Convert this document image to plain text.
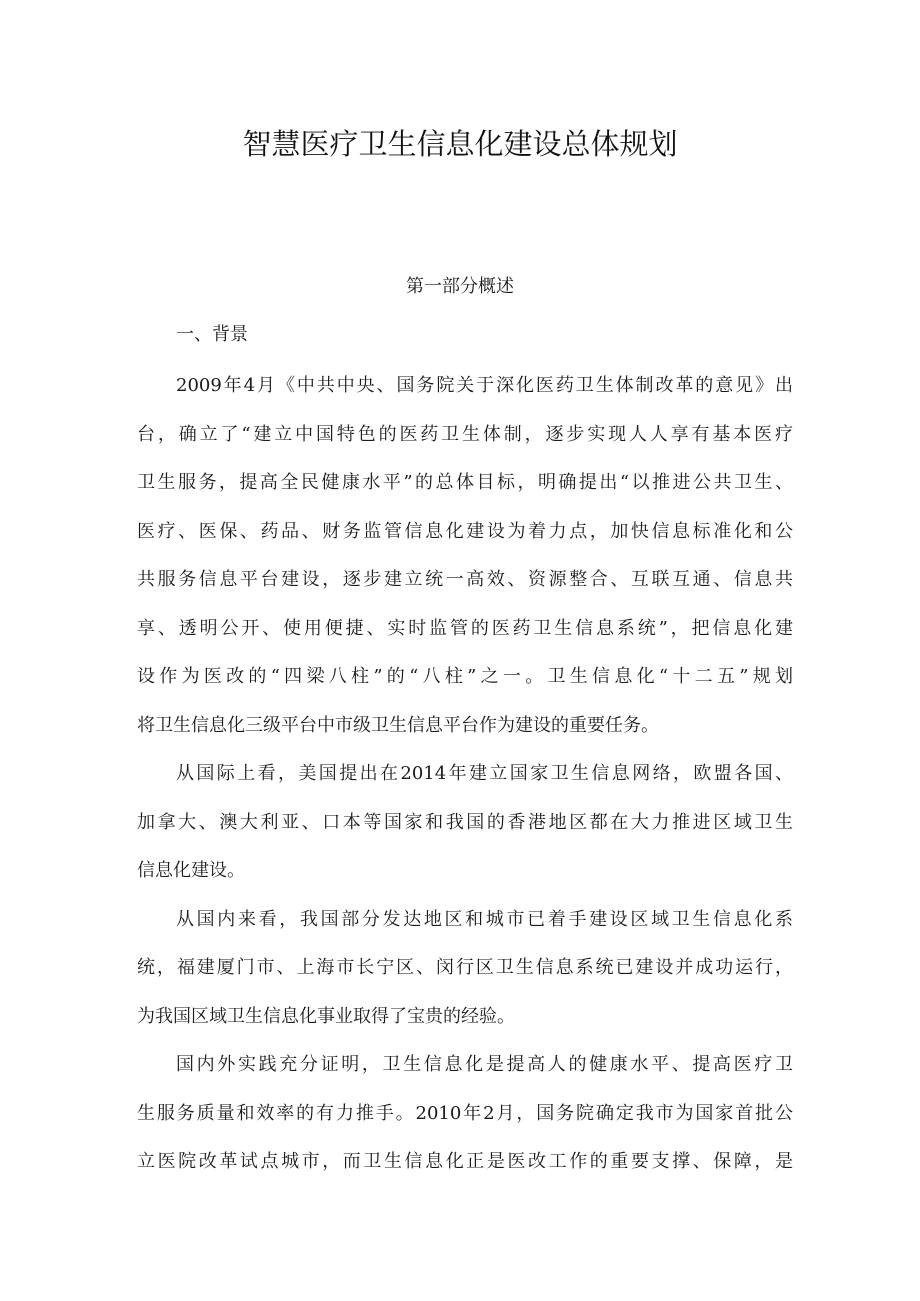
智慧医疗卫生信息化建设总体规划
第一部分概述
一、背景

2009年4月《中共中央、国务院关于深化医药卫生体制改革的意见》出
台，确立了“建立中国特色的医药卫生体制，逐步实现人人享有基本医疗
卫生服务，提高全民健康水平”的总体目标，明确提出“以推进公共卫生、
医疗、医保、药品、财务监管信息化建设为着力点，加快信息标准化和公
共服务信息平台建设，逐步建立统一高效、资源整合、互联互通、信息共
享、透明公开、使用便捷、实时监管的医药卫生信息系统”，把信息化建
设作为医改的“四梁八柱”的“八柱”之一。卫生信息化“十二五”规划
将卫生信息化三级平台中市级卫生信息平台作为建设的重要任务。

从国际上看，美国提出在2014年建立国家卫生信息网络，欧盟各国、
加拿大、澳大利亚、口本等国家和我国的香港地区都在大力推进区域卫生
信息化建设。

从国内来看，我国部分发达地区和城市已着手建设区域卫生信息化系
统，福建厦门市、上海市长宁区、闵行区卫生信息系统已建设并成功运行，
为我国区域卫生信息化事业取得了宝贵的经验。

国内外实践充分证明，卫生信息化是提高人的健康水平、提高医疗卫
生服务质量和效率的有力推手。2010年2月，国务院确定我市为国家首批公
立医院改革试点城市，而卫生信息化正是医改工作的重要支撑、保障，是
